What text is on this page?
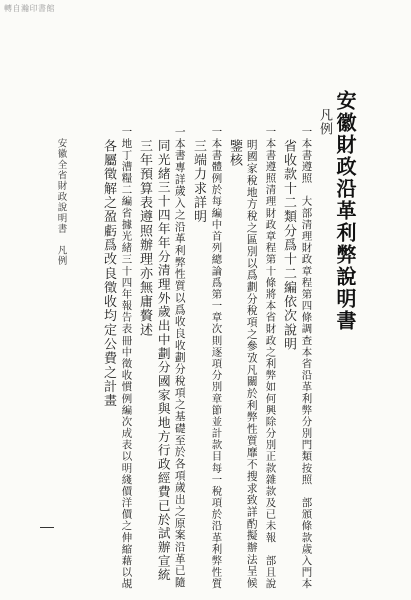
轉自瀚印書館
安徽財政沿革利弊說明書
凡例
一本書遵照　大部清理財政章程第四條調查本省沿革利弊分別門類按照　部頒條款歲入門本
省收款十二類分爲十二編依次說明
一本書遵照清理財政章程第十條將本省財政之利弊如何興除分別正款雜款及已未報　部且說
明國家稅地方稅之區別以爲劃分稅項之參攷凡關於利弊性質靡不搜求致詳酌擬辦法呈候
鑒核
一本書體例於每編中首列總論爲第一章次則逐項分別章節並計款目每一稅項於沿革利弊性質
三端力求詳明
一本書專詳歲入之沿革利弊性質以爲收良收劃分稅項之基礎至於各項歲出之原案沿革已隨
同光緒三十四年年分清理外歲出中劃分國家與地方行政經費已於試辦宣統
三年預算表遵照辦理亦無庸贅述
一地丁漕糧二編省據光緒三十四年報告表冊中徵收慣例編次成表以明綫價洋價之伸縮藉以覘
各屬徵解之盈虧爲改良徵收均定公費之計畫
安徽全省財政說明書　凡例
